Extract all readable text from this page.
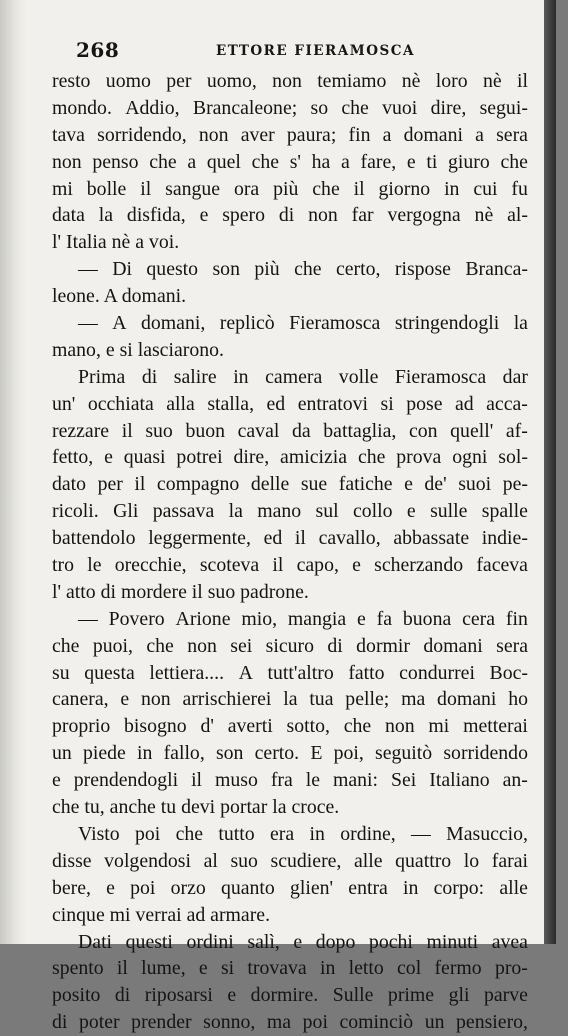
268	ETTORE FIERAMOSCA
resto uomo per uomo, non temiamo nè loro nè il
mondo. Addio, Brancaleone; so che vuoi dire, segui-
tava sorridendo, non aver paura; fin a domani a sera
non penso che a quel che s' ha a fare, e ti giuro che
mi bolle il sangue ora più che il giorno in cui fu
data la disfida, e spero di non far vergogna nè al-
l' Italia nè a voi.
— Di questo son più che certo, rispose Branca-
leone. A domani.
— A domani, replicò Fieramosca stringendogli la
mano, e si lasciarono.
Prima di salire in camera volle Fieramosca dar
un' occhiata alla stalla, ed entratovi si pose ad acca-
rezzare il suo buon caval da battaglia, con quell' af-
fetto, e quasi potrei dire, amicizia che prova ogni sol-
dato per il compagno delle sue fatiche e de' suoi pe-
ricoli. Gli passava la mano sul collo e sulle spalle
battendolo leggermente, ed il cavallo, abbassate indie-
tro le orecchie, scoteva il capo, e scherzando faceva
l' atto di mordere il suo padrone.
— Povero Arione mio, mangia e fa buona cera fin
che puoi, che non sei sicuro di dormir domani sera
su questa lettiera.... A tutt'altro fatto condurrei Boc-
canera, e non arrischierei la tua pelle; ma domani ho
proprio bisogno d' averti sotto, che non mi metterai
un piede in fallo, son certo. E poi, seguitò sorridendo
e prendendogli il muso fra le mani: Sei Italiano an-
che tu, anche tu devi portar la croce.
Visto poi che tutto era in ordine, — Masuccio,
disse volgendosi al suo scudiere, alle quattro lo farai
bere, e poi orzo quanto glien' entra in corpo: alle
cinque mi verrai ad armare.
Dati questi ordini salì, e dopo pochi minuti avea
spento il lume, e si trovava in letto col fermo pro-
posito di riposarsi e dormire. Sulle prime gli parve
di poter prender sonno, ma poi cominciò un pensiero,
